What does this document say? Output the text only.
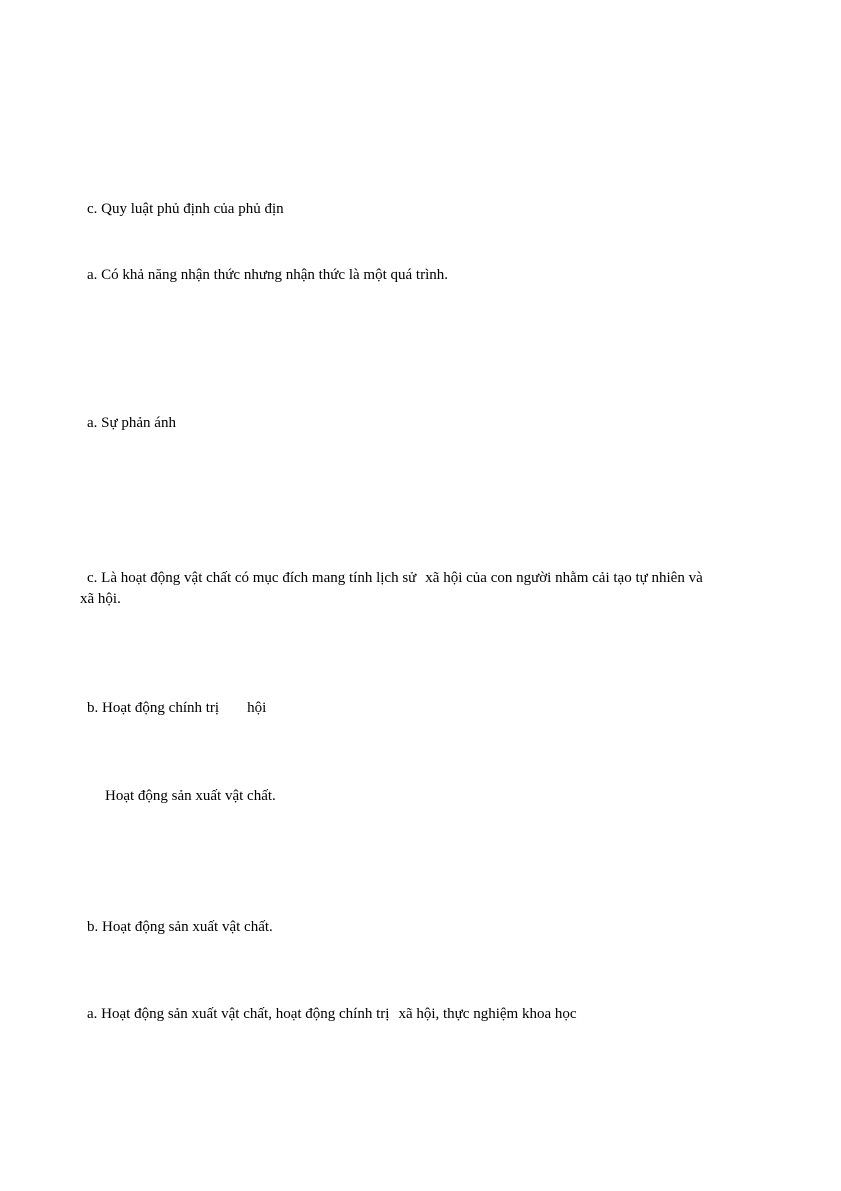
c. Quy luật phủ định của phủ địn
a. Có khả năng nhận thức nhưng nhận thức là một quá trình.
a. Sự phản ánh
c. Là hoạt động vật chất có mục đích mang tính lịch sử xã hội của con người nhằm cải tạo tự nhiên và
xã hội.
b. Hoạt động chính trị hội
Hoạt động sản xuất vật chất.
b. Hoạt động sản xuất vật chất.
a. Hoạt động sản xuất vật chất, hoạt động chính trị xã hội, thực nghiệm khoa học
